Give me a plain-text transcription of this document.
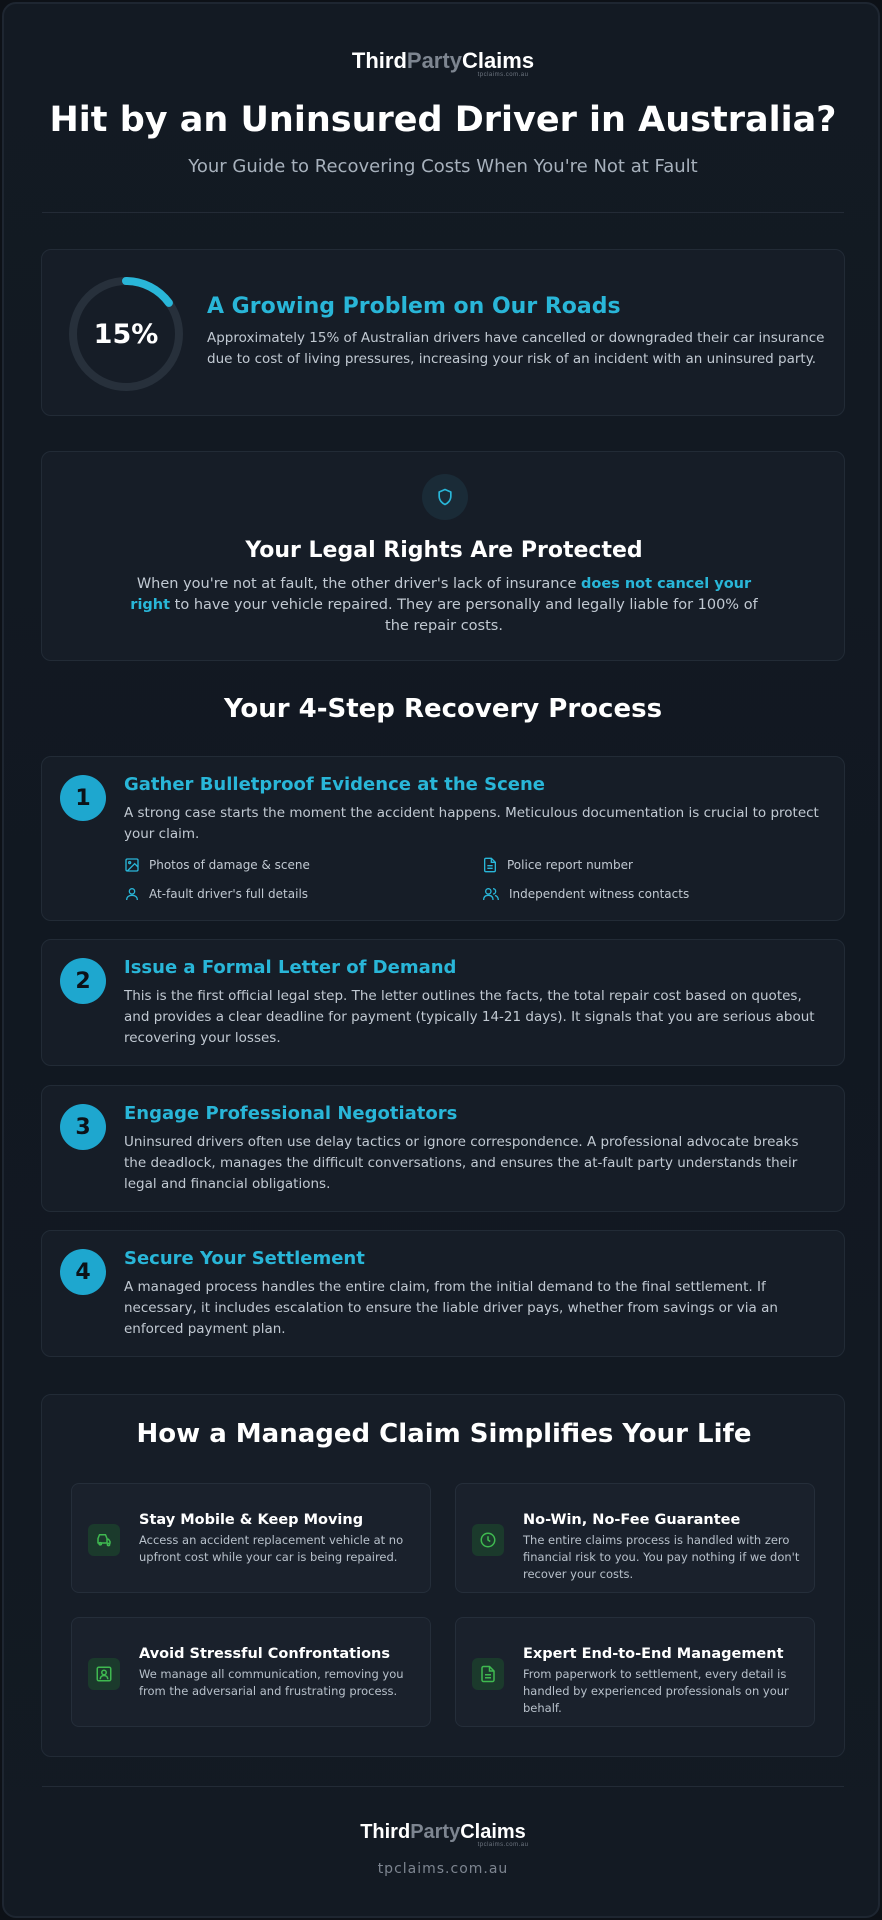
ThirdPartyClaims
tpclaims.com.au
Hit by an Uninsured Driver in Australia?
Your Guide to Recovering Costs When You're Not at Fault
15%
A Growing Problem on Our Roads
Approximately 15% of Australian drivers have cancelled or downgraded their car insurance due to cost of living pressures, increasing your risk of an incident with an uninsured party.
Your Legal Rights Are Protected
When you're not at fault, the other driver's lack of insurance does not cancel your right to have your vehicle repaired. They are personally and legally liable for 100% of the repair costs.
Your 4-Step Recovery Process
1
Gather Bulletproof Evidence at the Scene
A strong case starts the moment the accident happens. Meticulous documentation is crucial to protect your claim.
Photos of damage & scene	Police report number
At-fault driver's full details	Independent witness contacts
2
Issue a Formal Letter of Demand
This is the first official legal step. The letter outlines the facts, the total repair cost based on quotes, and provides a clear deadline for payment (typically 14-21 days). It signals that you are serious about recovering your losses.
3
Engage Professional Negotiators
Uninsured drivers often use delay tactics or ignore correspondence. A professional advocate breaks the deadlock, manages the difficult conversations, and ensures the at-fault party understands their legal and financial obligations.
4
Secure Your Settlement
A managed process handles the entire claim, from the initial demand to the final settlement. If necessary, it includes escalation to ensure the liable driver pays, whether from savings or via an enforced payment plan.
How a Managed Claim Simplifies Your Life
Stay Mobile & Keep Moving
Access an accident replacement vehicle at no upfront cost while your car is being repaired.
No-Win, No-Fee Guarantee
The entire claims process is handled with zero financial risk to you. You pay nothing if we don't recover your costs.
Avoid Stressful Confrontations
We manage all communication, removing you from the adversarial and frustrating process.
Expert End-to-End Management
From paperwork to settlement, every detail is handled by experienced professionals on your behalf.
ThirdPartyClaims
tpclaims.com.au
tpclaims.com.au
